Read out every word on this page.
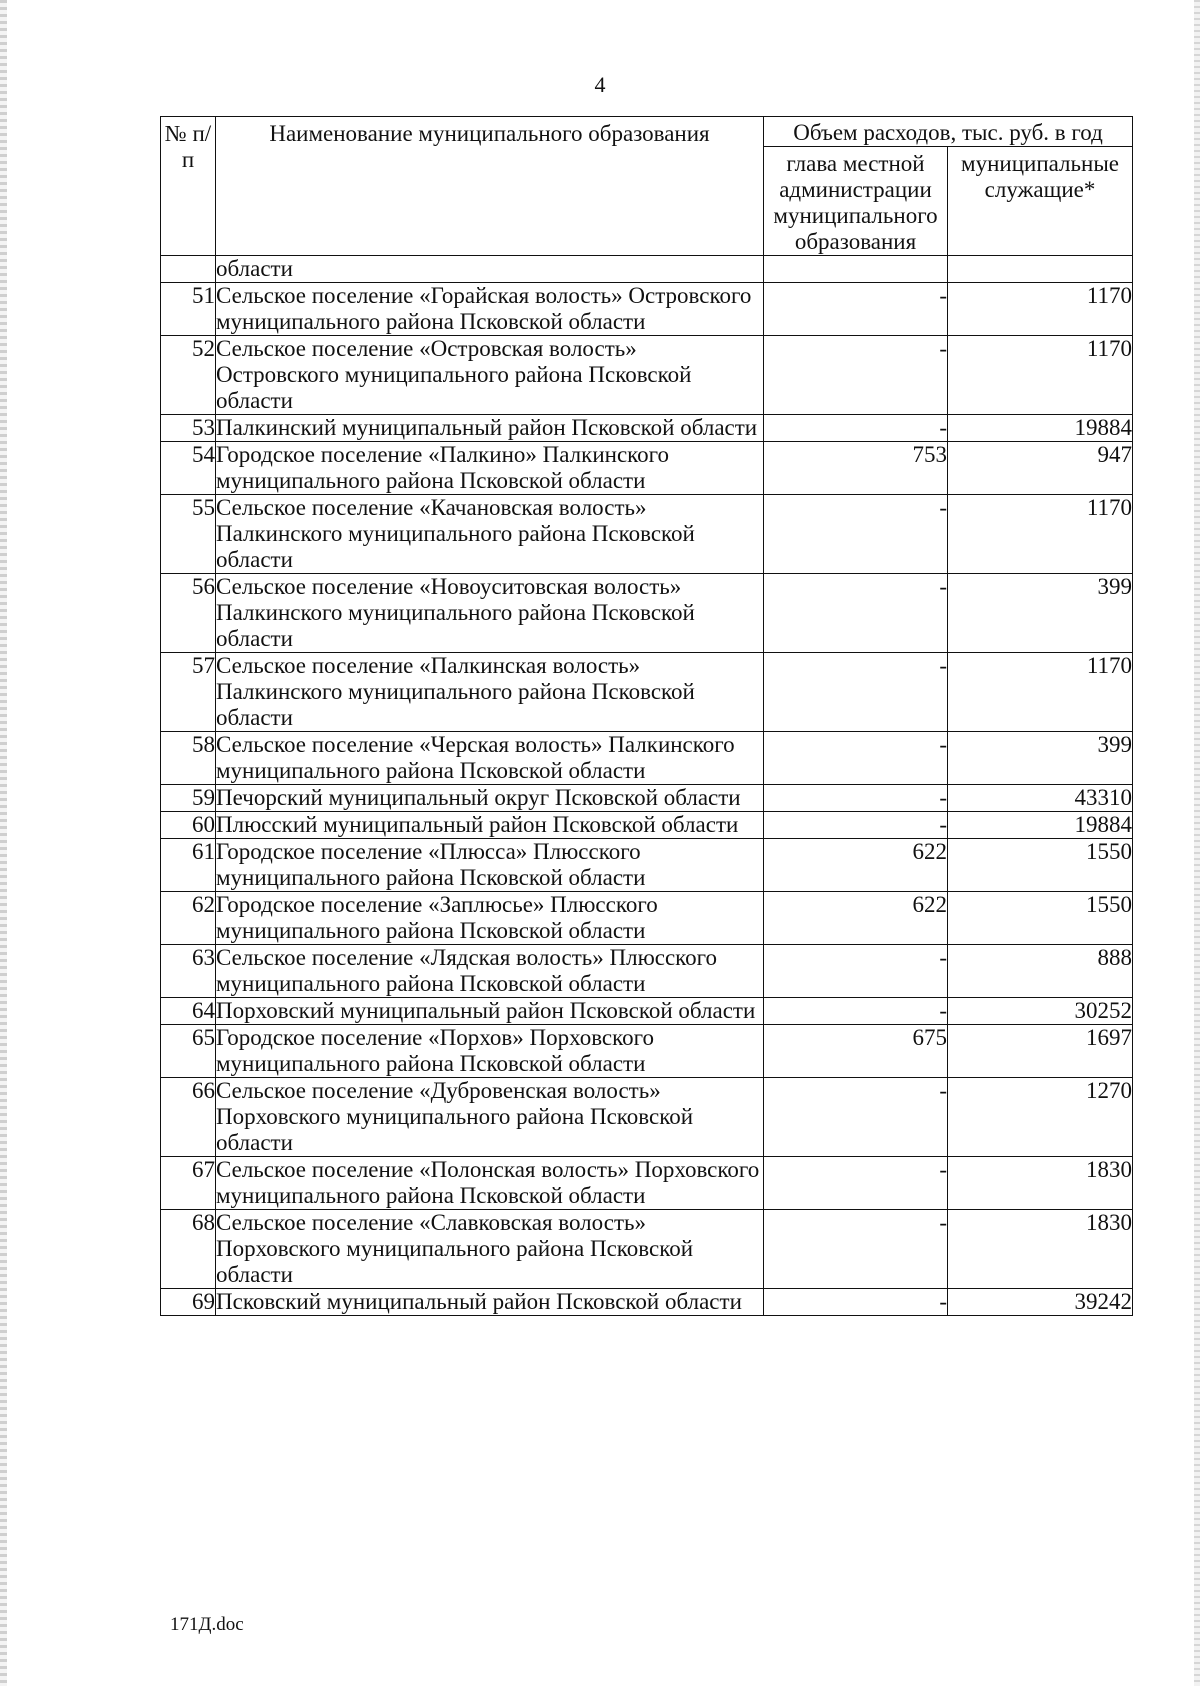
4
№ п/п	Наименование муниципального образования	Объем расходов, тыс. руб. в год	
		глава местной администрации муниципального образования	муниципальные служащие*
	области		
51	Сельское поселение «Горайская волость» Островского муниципального района Псковской области	-	1170
52	Сельское поселение «Островская волость» Островского муниципального района Псковской области	-	1170
53	Палкинский муниципальный район Псковской области	-	19884
54	Городское поселение «Палкино» Палкинского муниципального района Псковской области	753	947
55	Сельское поселение «Качановская волость» Палкинского муниципального района Псковской области	-	1170
56	Сельское поселение «Новоуситовская волость» Палкинского муниципального района Псковской области	-	399
57	Сельское поселение «Палкинская волость» Палкинского муниципального района Псковской области	-	1170
58	Сельское поселение «Черская волость» Палкинского муниципального района Псковской области	-	399
59	Печорский муниципальный округ Псковской области	-	43310
60	Плюсский муниципальный район Псковской области	-	19884
61	Городское поселение «Плюсса» Плюсского муниципального района Псковской области	622	1550
62	Городское поселение «Заплюсье» Плюсского муниципального района Псковской области	622	1550
63	Сельское поселение «Лядская волость» Плюсского муниципального района Псковской области	-	888
64	Порховский муниципальный район Псковской области	-	30252
65	Городское поселение «Порхов» Порховского муниципального района Псковской области	675	1697
66	Сельское поселение «Дубровенская волость» Порховского муниципального района Псковской области	-	1270
67	Сельское поселение «Полонская волость» Порховского муниципального района Псковской области	-	1830
68	Сельское поселение «Славковская волость» Порховского муниципального района Псковской области	-	1830
69	Псковский муниципальный район Псковской области	-	39242
171Д.doc
